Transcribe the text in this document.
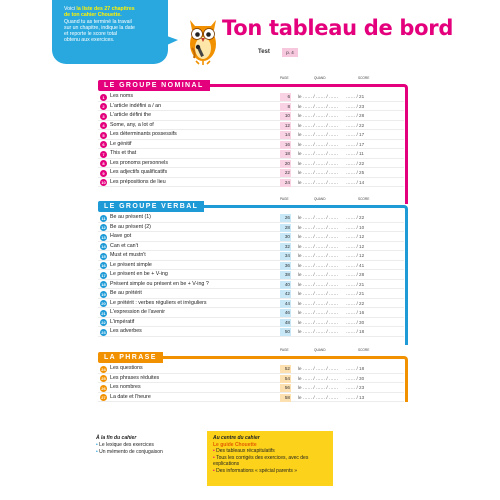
Voici la liste des 27 chapitres
de ton cahier Chouette.
Quand tu as terminé la travail
sur un chapitre, indique la date
et reporte le score total
obtenu aux exercices.
Ton tableau de bord
Test	p. 4
LE GROUPE NOMINAL
PAGE	QUAND	SCORE
1	Les noms	6 le …… / …… / …… …… / 21
2	L'article indéfini a / an	8 le …… / …… / …… …… / 23
3	L'article défini the	10 le …… / …… / …… …… / 28
4	Some, any, a lot of	12 le …… / …… / …… …… / 22
5	Les déterminants possessifs	14 le …… / …… / …… …… / 17
6	Le génitif	16 le …… / …… / …… …… / 17
7	This et that	18 le …… / …… / …… …… / 11
8	Les pronoms personnels	20 le …… / …… / …… …… / 22
9	Les adjectifs qualificatifs	22 le …… / …… / …… …… / 25
10 Les prépositions de lieu	24 le …… / …… / …… …… / 14
LE GROUPE VERBAL
PAGE	QUAND	SCORE
11 Be au présent (1)	26 le …… / …… / …… …… / 22
12 Be au présent (2)	28 le …… / …… / …… …… / 10
13 Have got	30 le …… / …… / …… …… / 12
14 Can et can't	32 le …… / …… / …… …… / 12
15 Must et mustn't	34 le …… / …… / …… …… / 12
16 Le présent simple	36 le …… / …… / …… …… / 41
17 Le présent en be + V-ing	38 le …… / …… / …… …… / 28
18 Présent simple ou présent en be + V-ing ?	40 le …… / …… / …… …… / 21
19 Be au prétérit	42 le …… / …… / …… …… / 21
20 Le prétérit : verbes réguliers et irréguliers	44 le …… / …… / …… …… / 22
21 L'expression de l'avenir	46 le …… / …… / …… …… / 16
22 L'impératif	48 le …… / …… / …… …… / 30
23 Les adverbes	50 le …… / …… / …… …… / 18
LA PHRASE
PAGE	QUAND	SCORE
24 Les questions	52 le …… / …… / …… …… / 18
25 Les phrases réduites	54 le …… / …… / …… …… / 30
26 Les nombres	56 le …… / …… / …… …… / 23
27 La date et l'heure	58 le …… / …… / …… …… / 13
À la fin du cahier
• Le lexique des exercices
• Un mémento de conjugaison
Au centre du cahier
Le guide Chouette
• Des tableaux récapitulatifs
• Tous les corrigés des exercices, avec des explications
• Des informations « spécial parents »
